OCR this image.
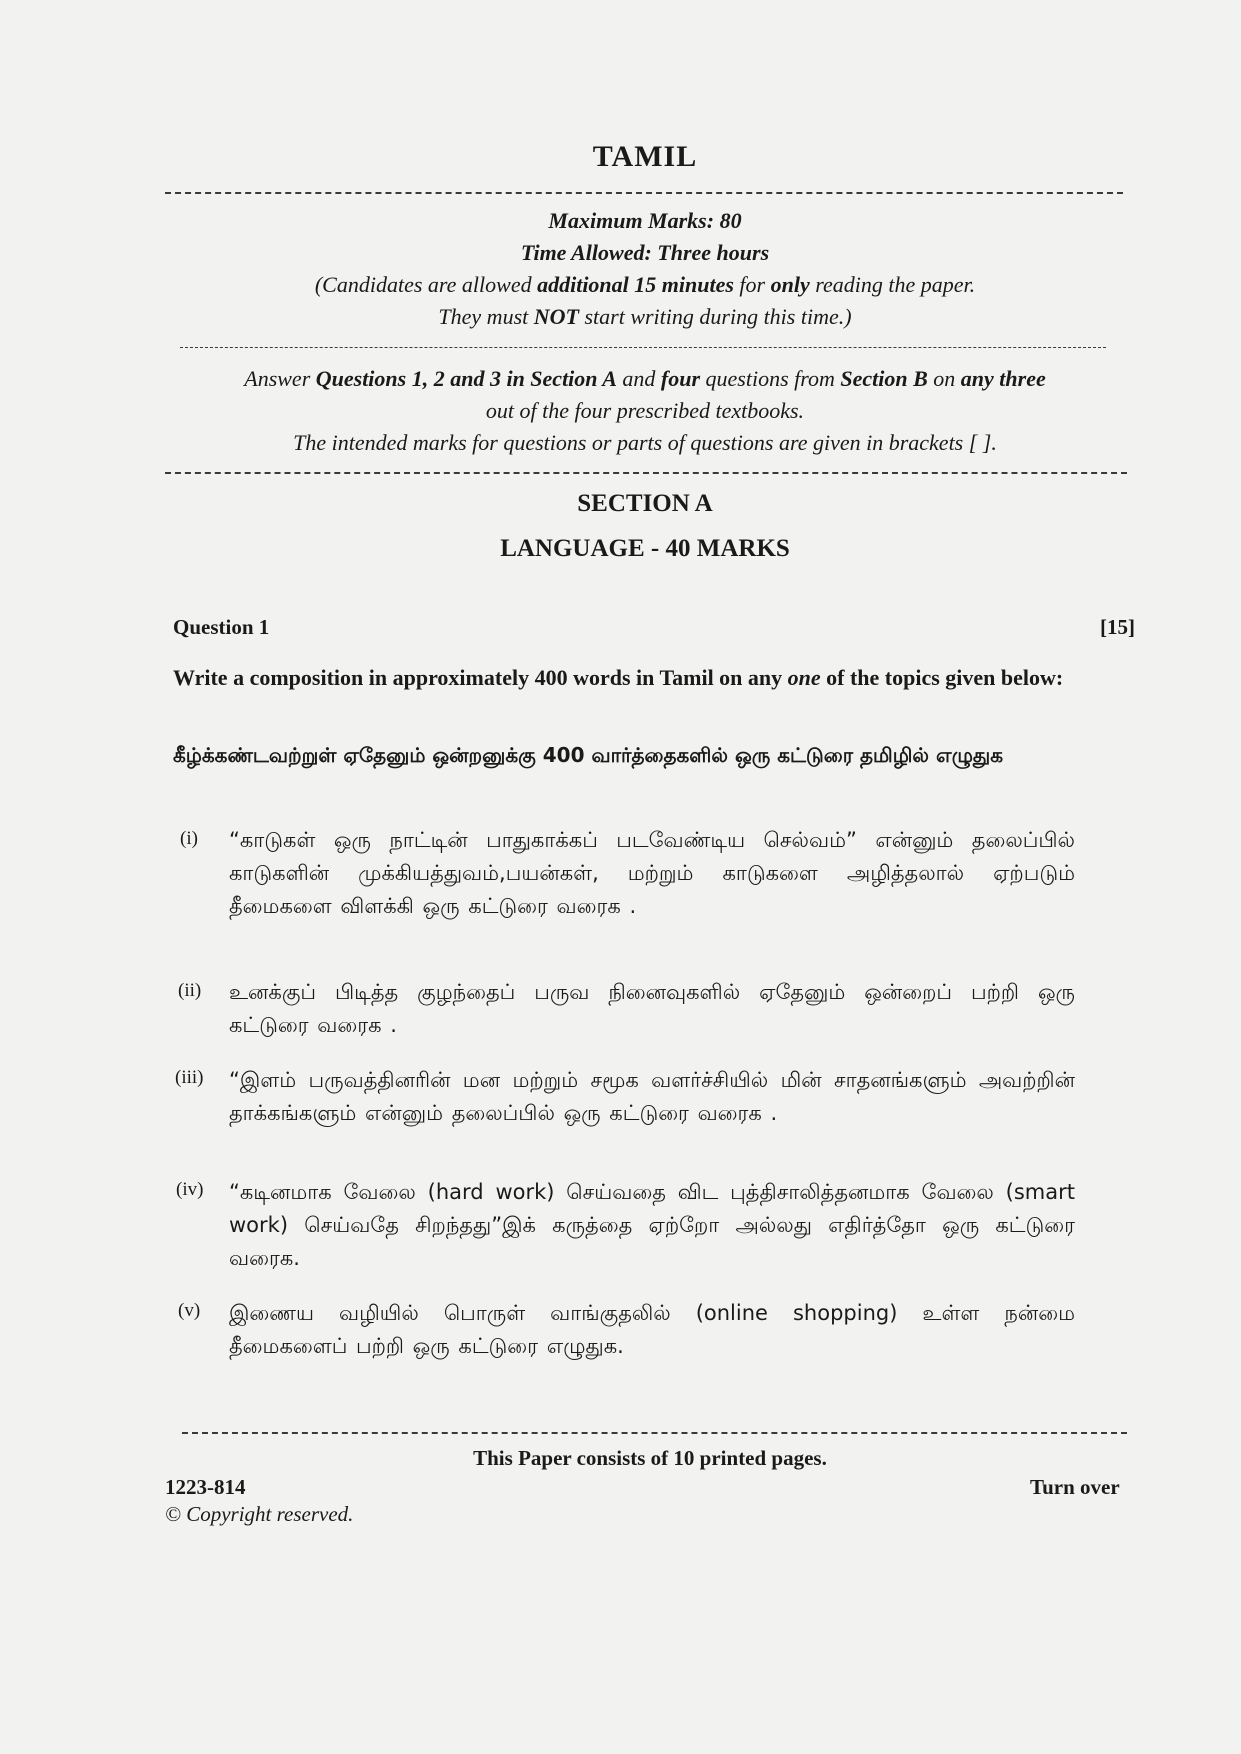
TAMIL
Maximum Marks: 80
Time Allowed: Three hours
(Candidates are allowed additional 15 minutes for only reading the paper.
They must NOT start writing during this time.)
Answer Questions 1, 2 and 3 in Section A and four questions from Section B on any three
out of the four prescribed textbooks.
The intended marks for questions or parts of questions are given in brackets [ ].
SECTION A
LANGUAGE - 40 MARKS
Question 1	[15]
Write a composition in approximately 400 words in Tamil on any one of the topics given below:
கீழ்க்கண்டவற்றுள் ஏதேனும் ஒன்றனுக்கு 400 வார்த்தைகளில் ஒரு கட்டுரை தமிழில் எழுதுக
(i) “காடுகள் ஒரு நாட்டின் பாதுகாக்கப் படவேண்டிய செல்வம்” என்னும் தலைப்பில் காடுகளின் முக்கியத்துவம்,பயன்கள், மற்றும் காடுகளை அழித்தலால் ஏற்படும் தீமைகளை விளக்கி ஒரு கட்டுரை வரைக .
(ii) உனக்குப் பிடித்த குழந்தைப் பருவ நினைவுகளில் ஏதேனும் ஒன்றைப் பற்றி ஒரு கட்டுரை வரைக .
(iii) “இளம் பருவத்தினரின் மன மற்றும் சமூக வளர்ச்சியில் மின் சாதனங்களும் அவற்றின் தாக்கங்களும் என்னும் தலைப்பில் ஒரு கட்டுரை வரைக .
(iv) “கடினமாக வேலை (hard work) செய்வதை விட புத்திசாலித்தனமாக வேலை (smart work) செய்வதே சிறந்தது”இக் கருத்தை ஏற்றோ அல்லது எதிர்த்தோ ஒரு கட்டுரை வரைக.
(v) இணைய வழியில் பொருள் வாங்குதலில் (online shopping) உள்ள நன்மை தீமைகளைப் பற்றி ஒரு கட்டுரை எழுதுக.
This Paper consists of 10 printed pages.
1223-814	Turn over
© Copyright reserved.
